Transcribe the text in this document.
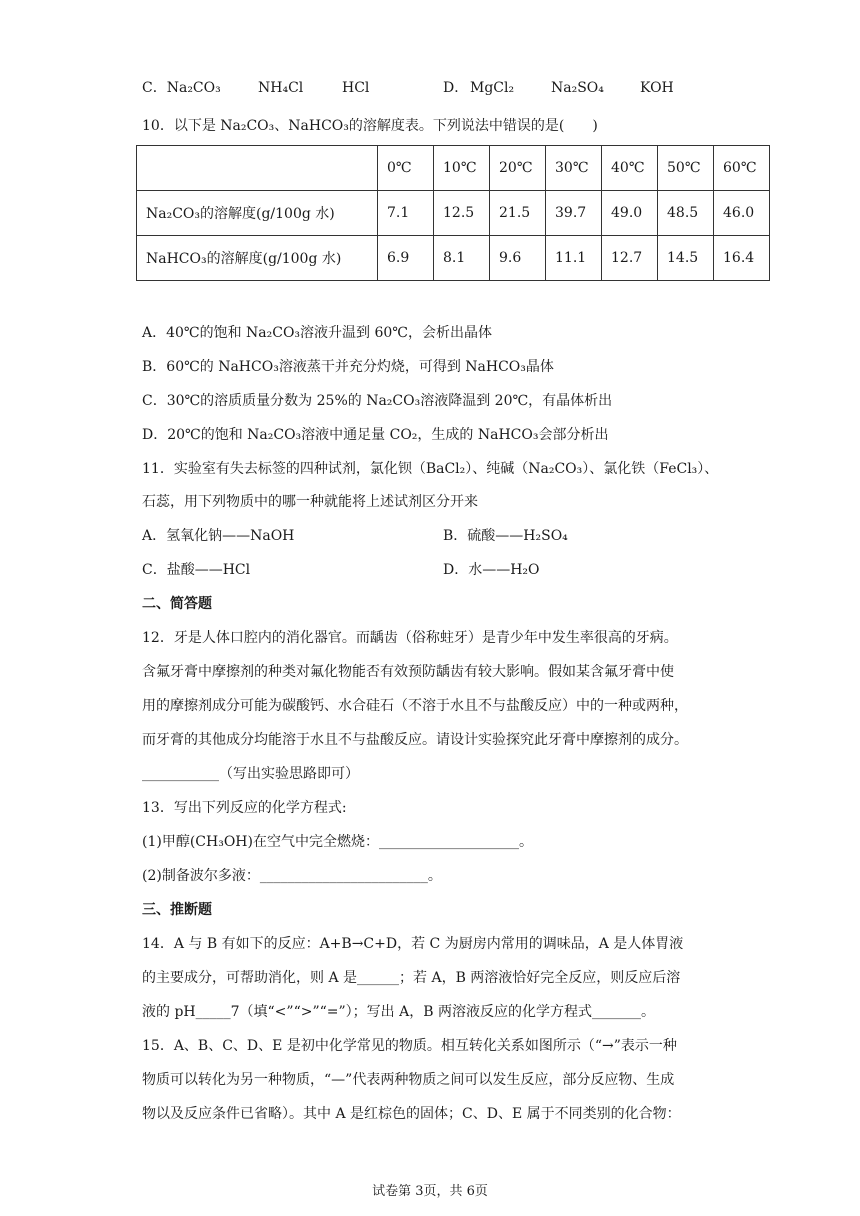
C．Na₂CO₃	NH₄Cl	HCl	D． MgCl₂	Na₂SO₄	KOH
10．以下是 Na₂CO₃、NaHCO₃的溶解度表。下列说法中错误的是(　　)
	0℃	10℃	20℃	30℃	40℃	50℃	60℃
Na₂CO₃的溶解度(g/100g 水)	7.1	12.5	21.5	39.7	49.0	48.5	46.0
NaHCO₃的溶解度(g/100g 水)	6.9	8.1	9.6	11.1	12.7	14.5	16.4
A．40℃的饱和 Na₂CO₃溶液升温到 60℃，会析出晶体
B．60℃的 NaHCO₃溶液蒸干并充分灼烧，可得到 NaHCO₃晶体
C．30℃的溶质质量分数为 25%的 Na₂CO₃溶液降温到 20℃，有晶体析出
D．20℃的饱和 Na₂CO₃溶液中通足量 CO₂，生成的 NaHCO₃会部分析出
11．实验室有失去标签的四种试剂，氯化钡（BaCl₂）、纯碱（Na₂CO₃）、氯化铁（FeCl₃）、
石蕊，用下列物质中的哪一种就能将上述试剂区分开来
A．氢氧化钠——NaOH	B．硫酸——H₂SO₄
C．盐酸——HCl	D．水——H₂O
二、简答题
12．牙是人体口腔内的消化器官。而龋齿（俗称蛀牙）是青少年中发生率很高的牙病。
含氟牙膏中摩擦剂的种类对氟化物能否有效预防龋齿有较大影响。假如某含氟牙膏中使
用的摩擦剂成分可能为碳酸钙、水合硅石（不溶于水且不与盐酸反应）中的一种或两种，
而牙膏的其他成分均能溶于水且不与盐酸反应。请设计实验探究此牙膏中摩擦剂的成分。
___________（写出实验思路即可）
13．写出下列反应的化学方程式:
(1)甲醇(CH₃OH)在空气中完全燃烧：____________________。
(2)制备波尔多液：________________________。
三、推断题
14．A 与 B 有如下的反应：A+B→C+D，若 C 为厨房内常用的调味品，A 是人体胃液
的主要成分，可帮助消化，则 A 是______；若 A，B 两溶液恰好完全反应，则反应后溶
液的 pH_____7（填“<”“>”“=”）；写出 A，B 两溶液反应的化学方程式_______。
15．A、B、C、D、E 是初中化学常见的物质。相互转化关系如图所示（“→”表示一种
物质可以转化为另一种物质，“—”代表两种物质之间可以发生反应，部分反应物、生成
物以及反应条件已省略）。其中 A 是红棕色的固体；C、D、E 属于不同类别的化合物：
试卷第 3页，共 6页
